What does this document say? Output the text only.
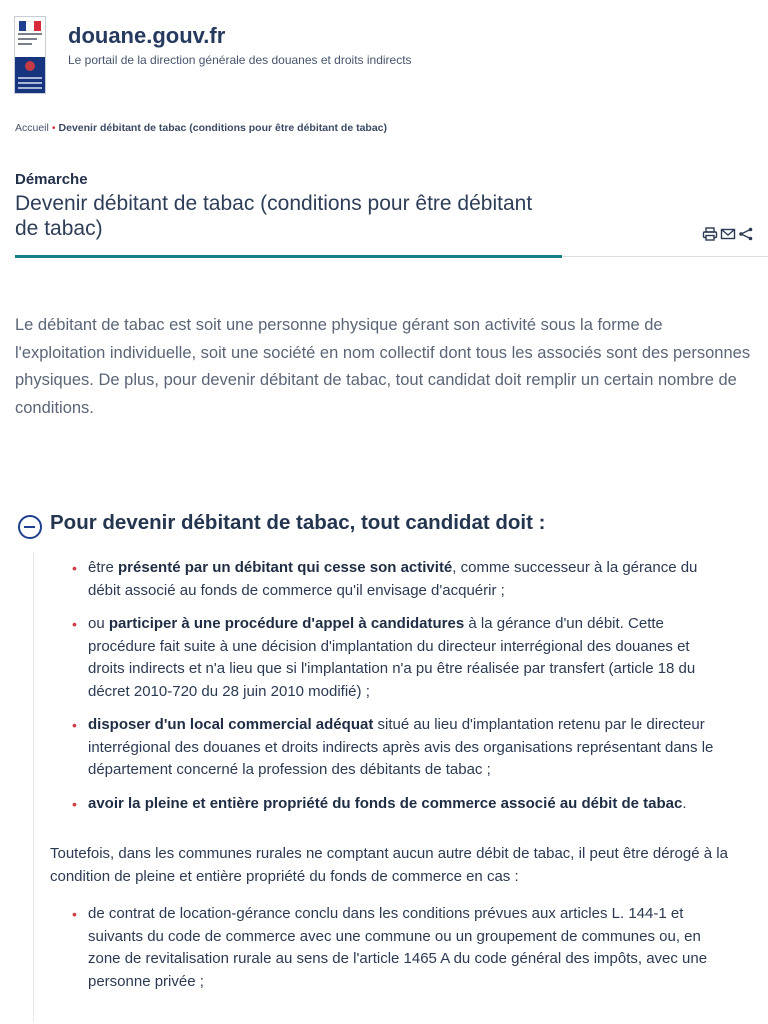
douane.gouv.fr
Le portail de la direction générale des douanes et droits indirects
Accueil • Devenir débitant de tabac (conditions pour être débitant de tabac)
Démarche
Devenir débitant de tabac (conditions pour être débitant de tabac)

Le débitant de tabac est soit une personne physique gérant son activité sous la forme de l'exploitation individuelle, soit une société en nom collectif dont tous les associés sont des personnes physiques. De plus, pour devenir débitant de tabac, tout candidat doit remplir un certain nombre de conditions.

Pour devenir débitant de tabac, tout candidat doit :
• être présenté par un débitant qui cesse son activité, comme successeur à la gérance du débit associé au fonds de commerce qu'il envisage d'acquérir ;
• ou participer à une procédure d'appel à candidatures à la gérance d'un débit. Cette procédure fait suite à une décision d'implantation du directeur interrégional des douanes et droits indirects et n'a lieu que si l'implantation n'a pu être réalisée par transfert (article 18 du décret 2010-720 du 28 juin 2010 modifié) ;
• disposer d'un local commercial adéquat situé au lieu d'implantation retenu par le directeur interrégional des douanes et droits indirects après avis des organisations représentant dans le département concerné la profession des débitants de tabac ;
• avoir la pleine et entière propriété du fonds de commerce associé au débit de tabac.

Toutefois, dans les communes rurales ne comptant aucun autre débit de tabac, il peut être dérogé à la condition de pleine et entière propriété du fonds de commerce en cas :

• de contrat de location-gérance conclu dans les conditions prévues aux articles L. 144-1 et suivants du code de commerce avec une commune ou un groupement de communes ou, en zone de revitalisation rurale au sens de l'article 1465 A du code général des impôts, avec une personne privée ;
